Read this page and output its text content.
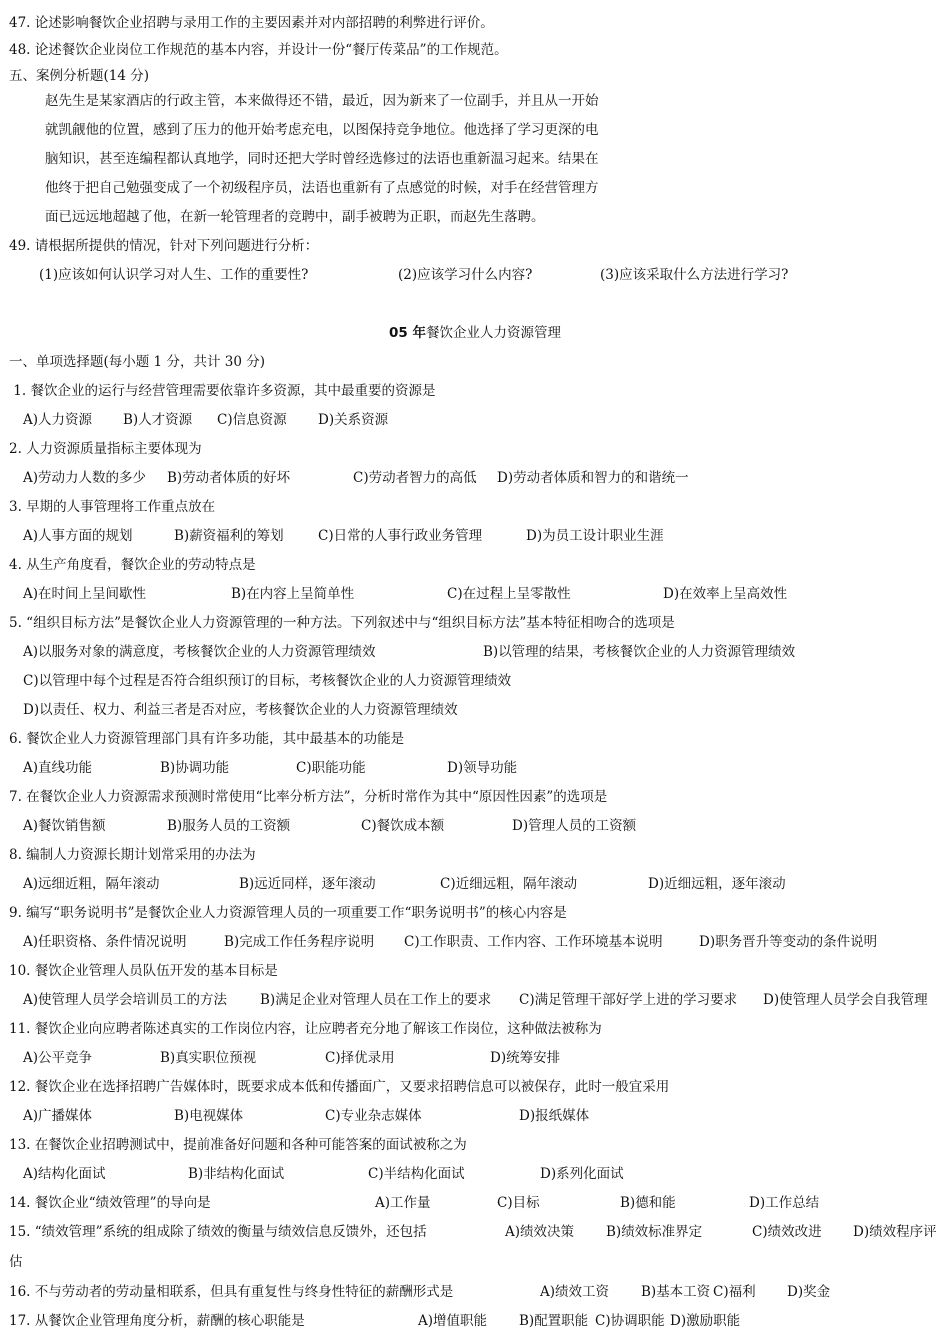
47. 论述影响餐饮企业招聘与录用工作的主要因素并对内部招聘的利弊进行评价。
48. 论述餐饮企业岗位工作规范的基本内容，并设计一份“餐厅传菜品”的工作规范。
五、案例分析题(14 分)
赵先生是某家酒店的行政主管，本来做得还不错，最近，因为新来了一位副手，并且从一开始
就凯觎他的位置，感到了压力的他开始考虑充电，以图保持竞争地位。他选择了学习更深的电
脑知识，甚至连编程都认真地学，同时还把大学时曾经选修过的法语也重新温习起来。结果在
他终于把自己勉强变成了一个初级程序员，法语也重新有了点感觉的时候，对手在经营管理方
面已远远地超越了他，在新一轮管理者的竞聘中，副手被聘为正职，而赵先生落聘。
49. 请根据所提供的情况，针对下列问题进行分析：
(1)应该如何认识学习对人生、工作的重要性?	(2)应该学习什么内容?	(3)应该采取什么方法进行学习?
05 年餐饮企业人力资源管理
一、单项选择题(每小题 1 分，共计 30 分)
1. 餐饮企业的运行与经营管理需要依靠许多资源，其中最重要的资源是
A)人力资源 B)人才资源 C)信息资源 D)关系资源
2. 人力资源质量指标主要体现为
A)劳动力人数的多少 B)劳动者体质的好坏	C)劳动者智力的高低 D)劳动者体质和智力的和谐统一
3. 早期的人事管理将工作重点放在
A)人事方面的规划	B)薪资福利的筹划	C)日常的人事行政业务管理	D)为员工设计职业生涯
4. 从生产角度看，餐饮企业的劳动特点是
A)在时间上呈间歇性	B)在内容上呈简单性	C)在过程上呈零散性	D)在效率上呈高效性
5. “组织目标方法”是餐饮企业人力资源管理的一种方法。下列叙述中与“组织目标方法”基本特征相吻合的选项是
A)以服务对象的满意度，考核餐饮企业的人力资源管理绩效	B)以管理的结果，考核餐饮企业的人力资源管理绩效
C)以管理中每个过程是否符合组织预订的目标，考核餐饮企业的人力资源管理绩效
D)以责任、权力、利益三者是否对应，考核餐饮企业的人力资源管理绩效
6. 餐饮企业人力资源管理部门具有许多功能，其中最基本的功能是
A)直线功能	B)协调功能	C)职能功能	D)领导功能
7. 在餐饮企业人力资源需求预测时常使用“比率分析方法”，分析时常作为其中“原因性因素”的选项是
A)餐饮销售额	B)服务人员的工资额	C)餐饮成本额	D)管理人员的工资额
8. 编制人力资源长期计划常采用的办法为
A)远细近粗，隔年滚动	B)远近同样，逐年滚动	C)近细远粗，隔年滚动	D)近细远粗，逐年滚动
9. 编写“职务说明书”是餐饮企业人力资源管理人员的一项重要工作“职务说明书”的核心内容是
A)任职资格、条件情况说明	B)完成工作任务程序说明 C)工作职责、工作内容、工作环境基本说明	D)职务晋升等变动的条件说明
10. 餐饮企业管理人员队伍开发的基本目标是
A)使管理人员学会培训员工的方法 B)满足企业对管理人员在工作上的要求 C)满足管理干部好学上进的学习要求 D)使管理人员学会自我管理
11. 餐饮企业向应聘者陈述真实的工作岗位内容，让应聘者充分地了解该工作岗位，这种做法被称为
A)公平竞争	B)真实职位预视	C)择优录用	D)统筹安排
12. 餐饮企业在选择招聘广告媒体时，既要求成本低和传播面广，又要求招聘信息可以被保存，此时一般宜采用
A)广播媒体	B)电视媒体	C)专业杂志媒体	D)报纸媒体
13. 在餐饮企业招聘测试中，提前准备好问题和各种可能答案的面试被称之为
A)结构化面试	B)非结构化面试	C)半结构化面试	D)系列化面试
14. 餐饮企业“绩效管理”的导向是	A)工作量	C)目标	B)德和能	D)工作总结
15. “绩效管理”系统的组成除了绩效的衡量与绩效信息反馈外，还包括	A)绩效决策 B)绩效标准界定	C)绩效改进 D)绩效程序评
估
16. 不与劳动者的劳动量相联系，但具有重复性与终身性特征的薪酬形式是	A)绩效工资 B)基本工资 C)福利 D)奖金
17. 从餐饮企业管理角度分析，薪酬的核心职能是	A)增值职能 B)配置职能 C)协调职能 D)激励职能
